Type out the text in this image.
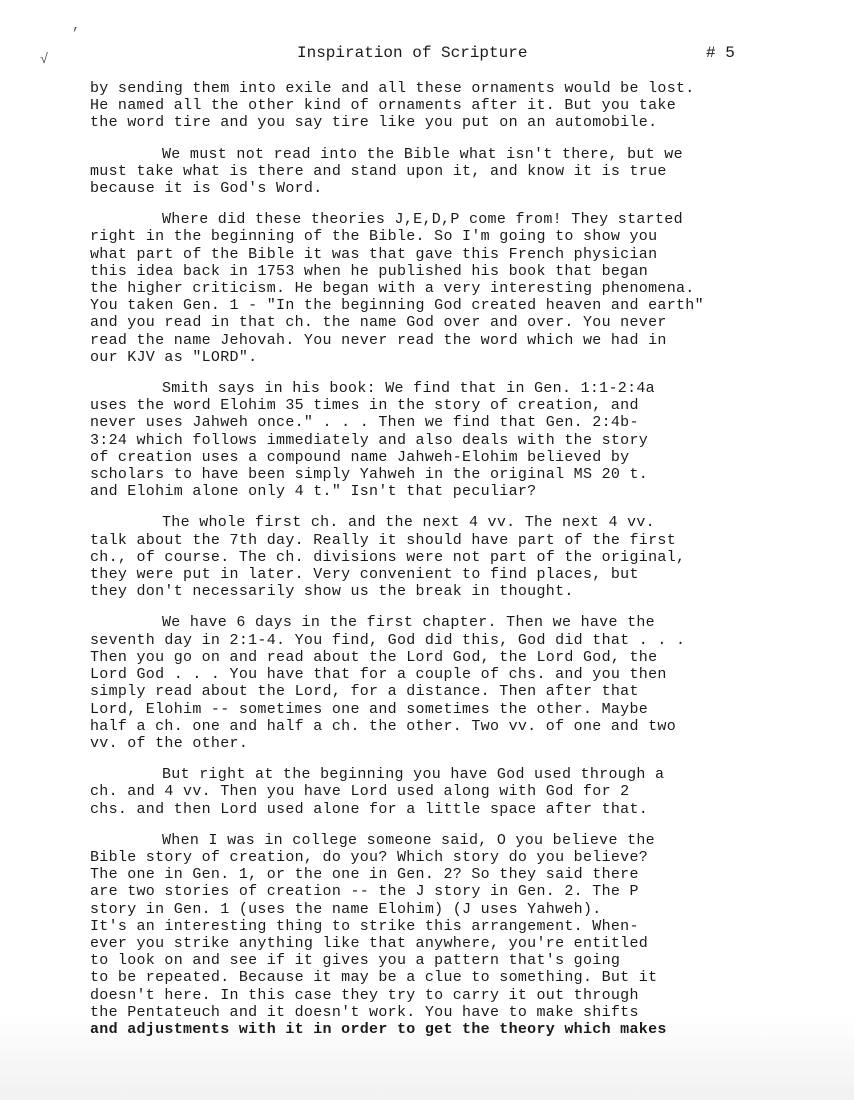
,
√	Inspiration of Scripture	# 5

by sending them into exile and all these ornaments would be lost.
He named all the other kind of ornaments after it. But you take
the word tire and you say tire like you put on an automobile.

We must not read into the Bible what isn't there, but we
must take what is there and stand upon it, and know it is true
because it is God's Word.

Where did these theories J,E,D,P come from! They started
right in the beginning of the Bible. So I'm going to show you
what part of the Bible it was that gave this French physician
this idea back in 1753 when he published his book that began
the higher criticism. He began with a very interesting phenomena.
You taken Gen. 1 - "In the beginning God created heaven and earth"
and you read in that ch. the name God over and over. You never
read the name Jehovah. You never read the word which we had in
our KJV as "LORD".

Smith says in his book: We find that in Gen. 1:1-2:4a
uses the word Elohim 35 times in the story of creation, and
never uses Jahweh once." . . . Then we find that Gen. 2:4b-
3:24 which follows immediately and also deals with the story
of creation uses a compound name Jahweh-Elohim believed by
scholars to have been simply Yahweh in the original MS 20 t.
and Elohim alone only 4 t." Isn't that peculiar?

The whole first ch. and the next 4 vv. The next 4 vv.
talk about the 7th day. Really it should have part of the first
ch., of course. The ch. divisions were not part of the original,
they were put in later. Very convenient to find places, but
they don't necessarily show us the break in thought.

We have 6 days in the first chapter. Then we have the
seventh day in 2:1-4. You find, God did this, God did that . . .
Then you go on and read about the Lord God, the Lord God, the
Lord God . . . You have that for a couple of chs. and you then
simply read about the Lord, for a distance. Then after that
Lord, Elohim -- sometimes one and sometimes the other. Maybe
half a ch. one and half a ch. the other. Two vv. of one and two
vv. of the other.

But right at the beginning you have God used through a
ch. and 4 vv. Then you have Lord used along with God for 2
chs. and then Lord used alone for a little space after that.

When I was in college someone said, O you believe the
Bible story of creation, do you? Which story do you believe?
The one in Gen. 1, or the one in Gen. 2? So they said there
are two stories of creation -- the J story in Gen. 2. The P
story in Gen. 1 (uses the name Elohim) (J uses Yahweh).
It's an interesting thing to strike this arrangement. When-
ever you strike anything like that anywhere, you're entitled
to look on and see if it gives you a pattern that's going
to be repeated. Because it may be a clue to something. But it
doesn't here. In this case they try to carry it out through
the Pentateuch and it doesn't work. You have to make shifts

and adjustments with it in order to get the theory which makes
